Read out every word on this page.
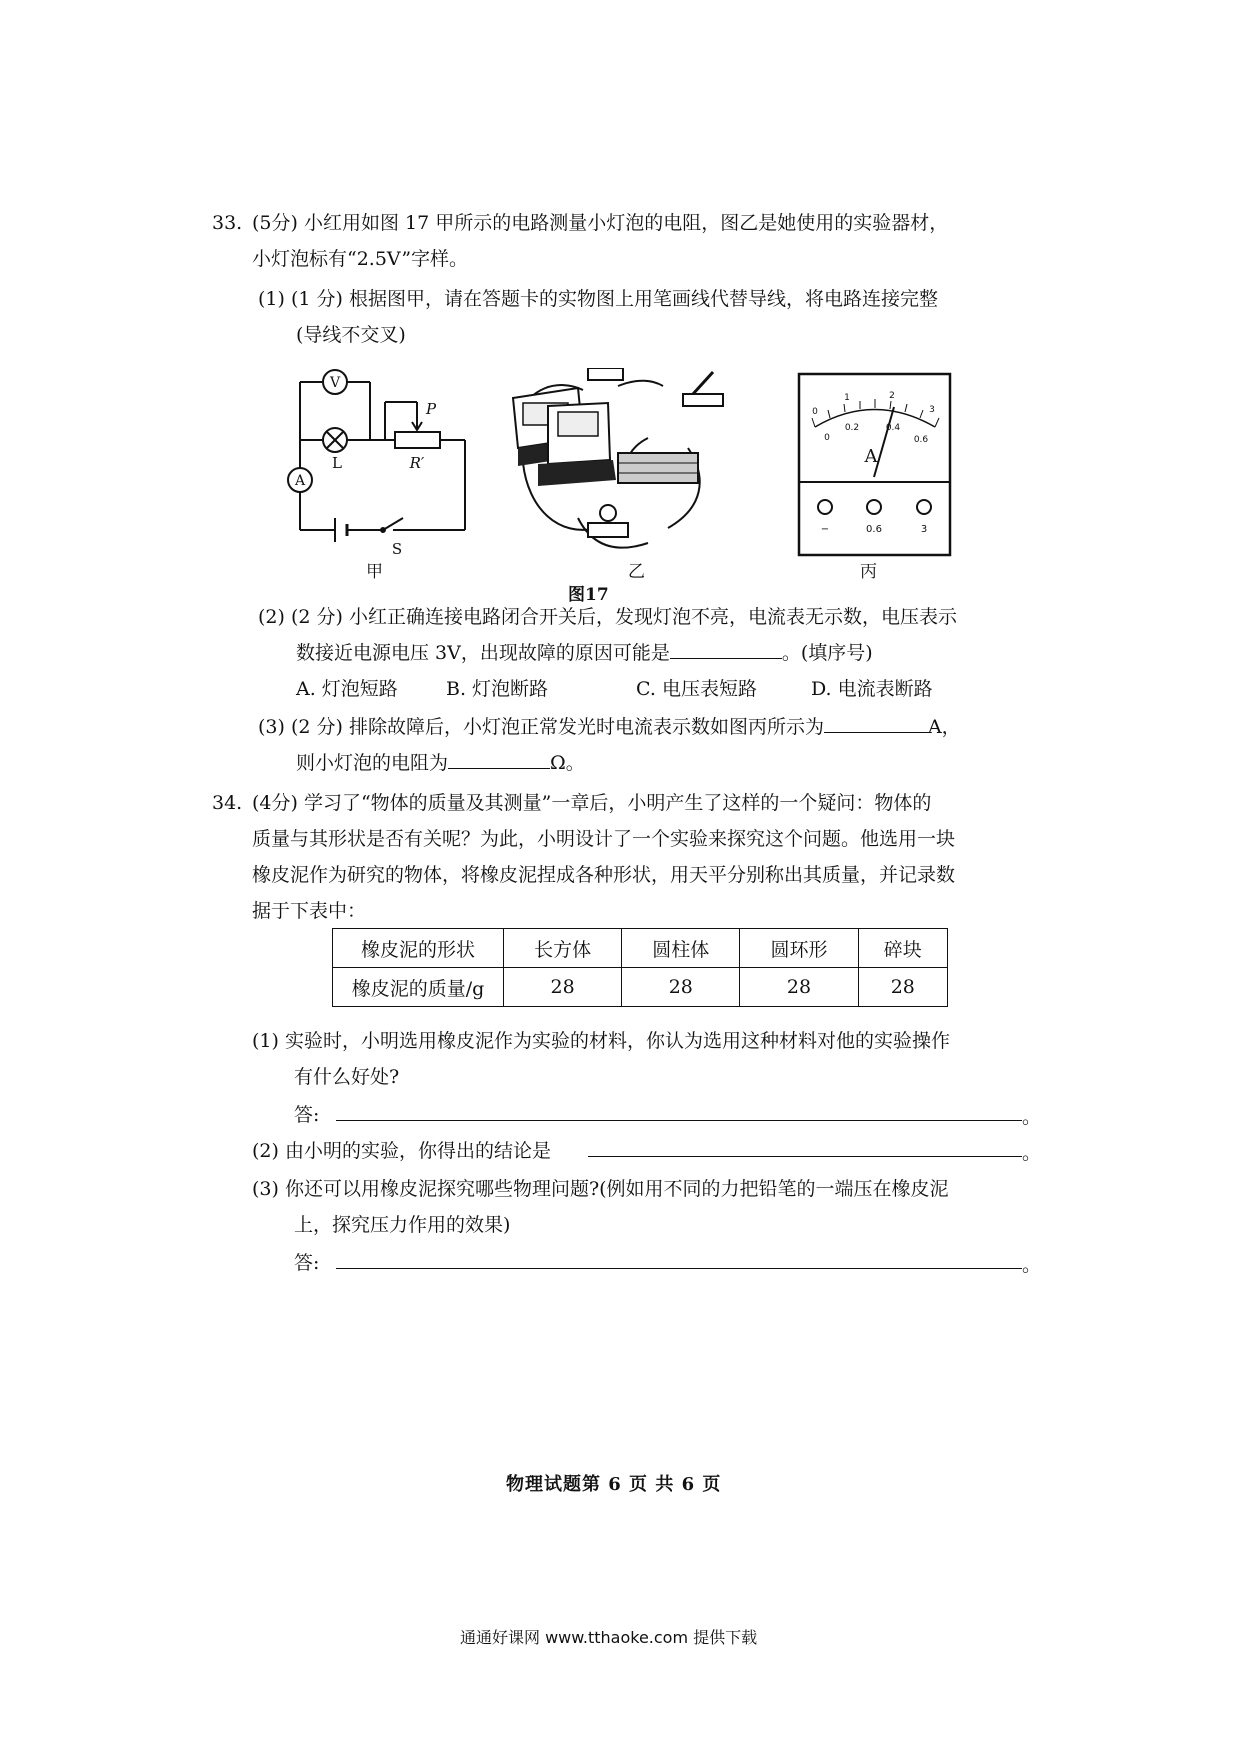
33. (5分) 小红用如图 17 甲所示的电路测量小灯泡的电阻，图乙是她使用的实验器材，
小灯泡标有“2.5V”字样。
(1) (1 分) 根据图甲，请在答题卡的实物图上用笔画线代替导线，将电路连接完整
(导线不交叉)
V
A
L
P
R′
S
甲	乙
图17
0
1	2
3
0
0.2	0.4
0.6
A
−	0.6	3
丙
(2) (2 分) 小红正确连接电路闭合开关后，发现灯泡不亮，电流表无示数，电压表示
数接近电源电压 3V，出现故障的原因可能是	。(填序号)
A. 灯泡短路	B. 灯泡断路	C. 电压表短路	D. 电流表断路
(3) (2 分) 排除故障后，小灯泡正常发光时电流表示数如图丙所示为	A，
则小灯泡的电阻为	Ω。
34. (4分) 学习了“物体的质量及其测量”一章后，小明产生了这样的一个疑问：物体的
质量与其形状是否有关呢？为此，小明设计了一个实验来探究这个问题。他选用一块
橡皮泥作为研究的物体，将橡皮泥捏成各种形状，用天平分别称出其质量，并记录数
据于下表中：
橡皮泥的形状	长方体	圆柱体	圆环形	碎块
橡皮泥的质量/g	28	28	28	28
(1) 实验时，小明选用橡皮泥作为实验的材料，你认为选用这种材料对他的实验操作
有什么好处?
答:	。
(2) 由小明的实验，你得出的结论是	。
(3) 你还可以用橡皮泥探究哪些物理问题?(例如用不同的力把铅笔的一端压在橡皮泥
上，探究压力作用的效果)
答:	。
物理试题第 6 页 共 6 页
通通好课网 www.tthaoke.com 提供下载
